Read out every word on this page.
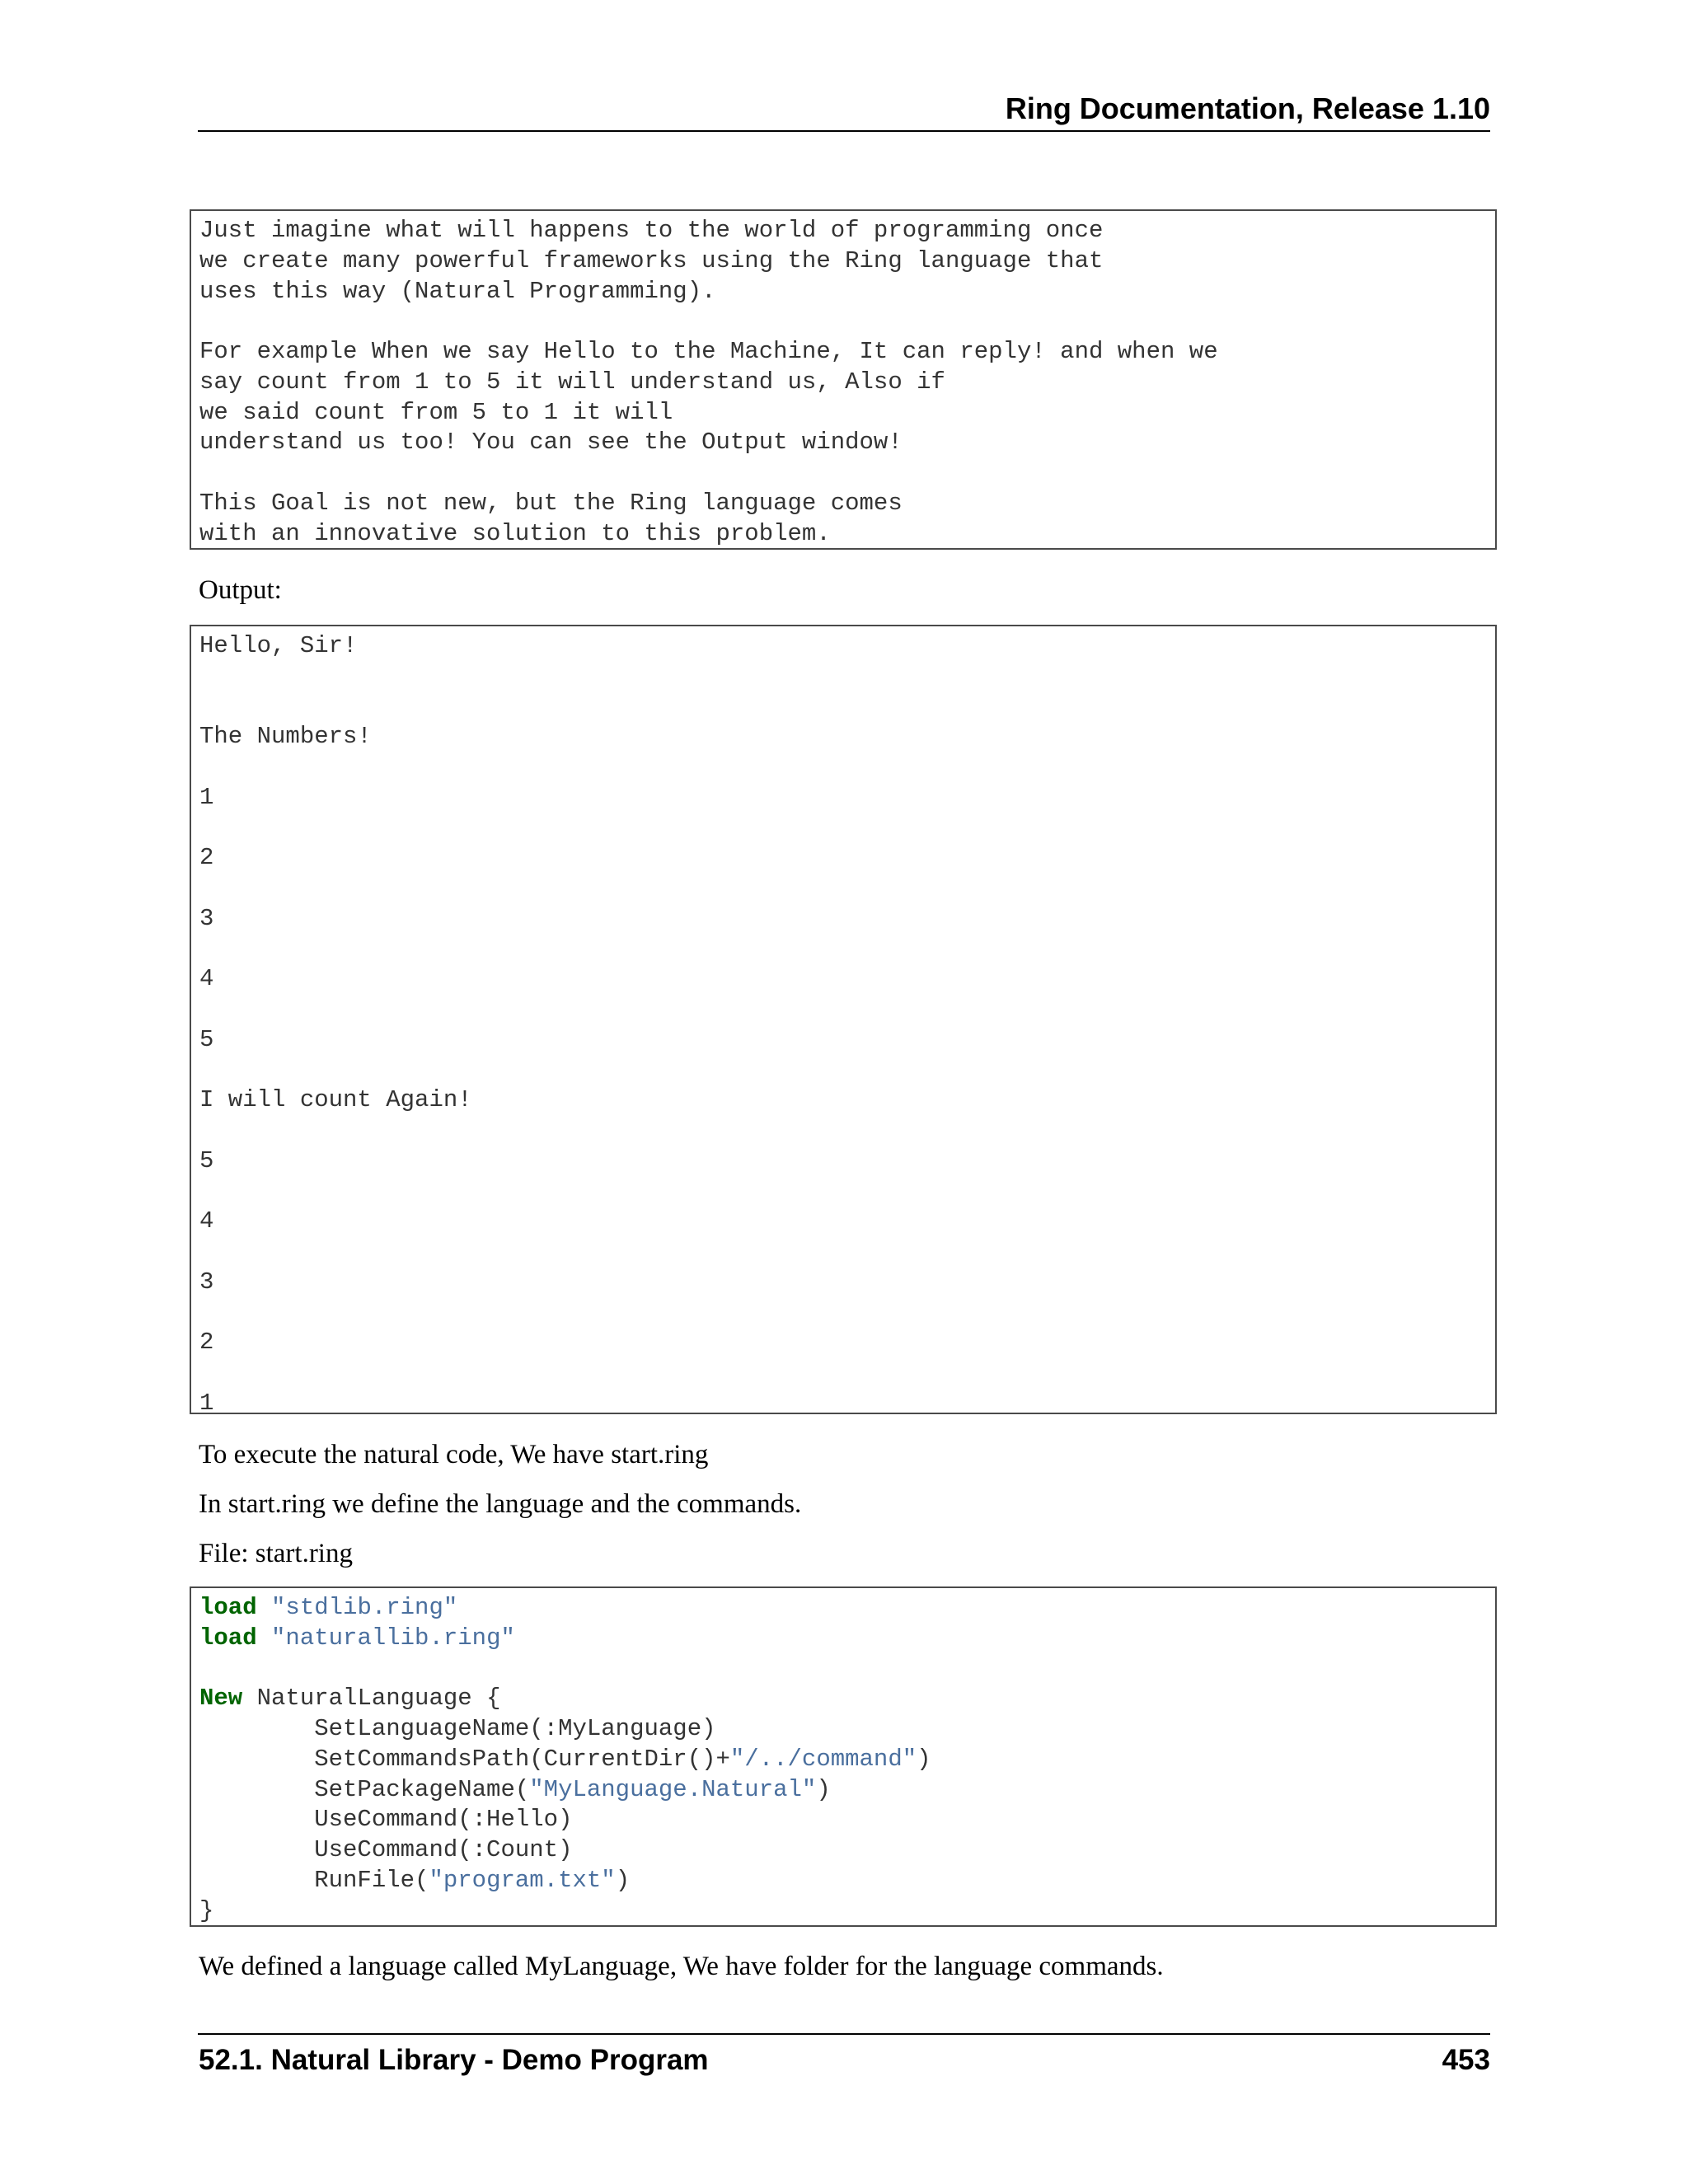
Ring Documentation, Release 1.10
Just imagine what will happens to the world of programming once
we create many powerful frameworks using the Ring language that
uses this way (Natural Programming).
For example When we say Hello to the Machine, It can reply! and when we
say count from 1 to 5 it will understand us, Also if
we said count from 5 to 1 it will
understand us too! You can see the Output window!
This Goal is not new, but the Ring language comes
with an innovative solution to this problem.

Output:

Hello, Sir!
The Numbers!
1
2
3
4
5
I will count Again!
5
4
3
2
1

To execute the natural code, We have start.ring

In start.ring we define the language and the commands.

File: start.ring

load "stdlib.ring"
load "naturallib.ring"
New NaturalLanguage {
SetLanguageName(:MyLanguage)
SetCommandsPath(CurrentDir()+"/../command")
SetPackageName("MyLanguage.Natural")
UseCommand(:Hello)
UseCommand(:Count)
RunFile("program.txt")
}

We defined a language called MyLanguage, We have folder for the language commands.

52.1. Natural Library - Demo Program	453
